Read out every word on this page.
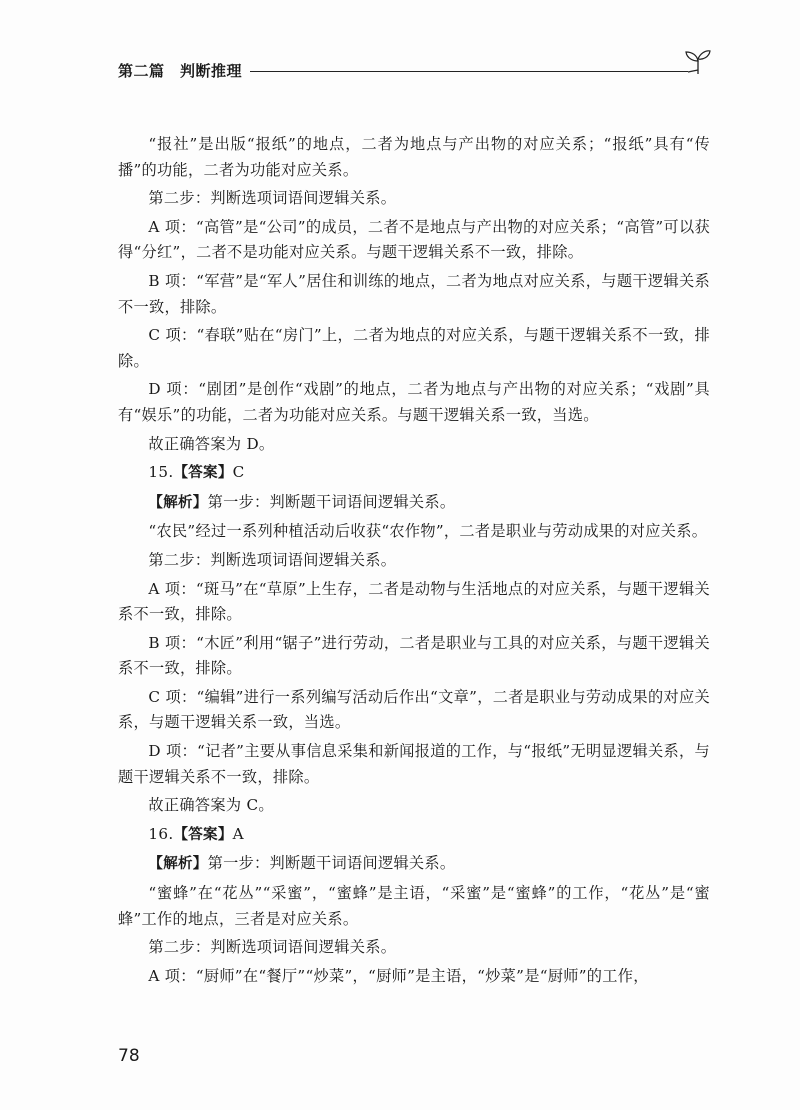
第二篇　判断推理

“报社”是出版“报纸”的地点，二者为地点与产出物的对应关系；“报纸”具有“传播”的功能，二者为功能对应关系。

第二步：判断选项词语间逻辑关系。

A 项：“高管”是“公司”的成员，二者不是地点与产出物的对应关系；“高管”可以获得“分红”，二者不是功能对应关系。与题干逻辑关系不一致，排除。

B 项：“军营”是“军人”居住和训练的地点，二者为地点对应关系，与题干逻辑关系不一致，排除。

C 项：“春联”贴在“房门”上，二者为地点的对应关系，与题干逻辑关系不一致，排除。

D 项：“剧团”是创作“戏剧”的地点，二者为地点与产出物的对应关系；“戏剧”具有“娱乐”的功能，二者为功能对应关系。与题干逻辑关系一致，当选。

故正确答案为 D。

15.【答案】C

【解析】第一步：判断题干词语间逻辑关系。

“农民”经过一系列种植活动后收获“农作物”，二者是职业与劳动成果的对应关系。

第二步：判断选项词语间逻辑关系。

A 项：“斑马”在“草原”上生存，二者是动物与生活地点的对应关系，与题干逻辑关系不一致，排除。

B 项：“木匠”利用“锯子”进行劳动，二者是职业与工具的对应关系，与题干逻辑关系不一致，排除。

C 项：“编辑”进行一系列编写活动后作出“文章”，二者是职业与劳动成果的对应关系，与题干逻辑关系一致，当选。

D 项：“记者”主要从事信息采集和新闻报道的工作，与“报纸”无明显逻辑关系，与题干逻辑关系不一致，排除。

故正确答案为 C。

16.【答案】A

【解析】第一步：判断题干词语间逻辑关系。

“蜜蜂”在“花丛”“采蜜”，“蜜蜂”是主语，“采蜜”是“蜜蜂”的工作，“花丛”是“蜜蜂”工作的地点，三者是对应关系。

第二步：判断选项词语间逻辑关系。

A 项：“厨师”在“餐厅”“炒菜”，“厨师”是主语，“炒菜”是“厨师”的工作，

78
